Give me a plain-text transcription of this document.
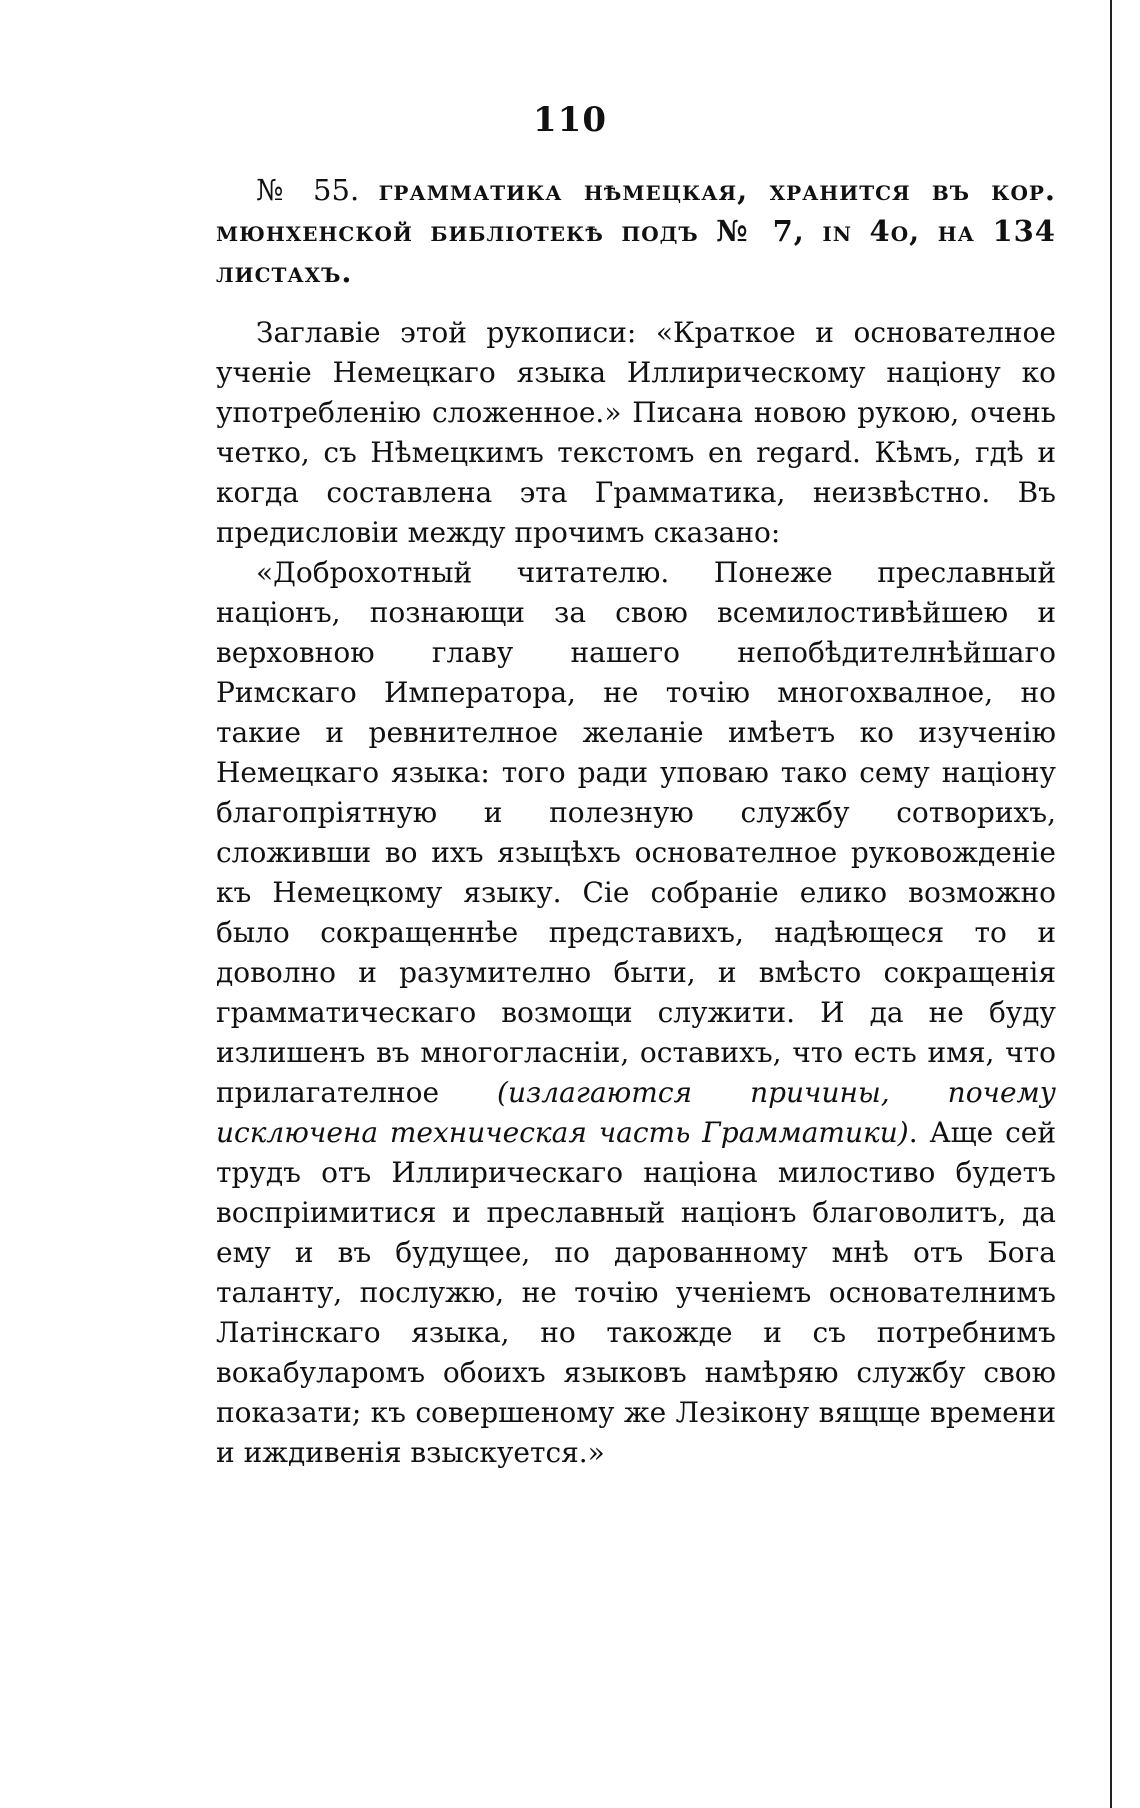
110

№ 55. грамматика нѣмецкая, хранится въ кор. мюнхенской библіотекѣ подъ № 7, in 4о, на 134 листахъ.

Заглавіе этой рукописи: «Краткое и основателное ученіе Немецкаго языка Иллирическому націону ко употребленію сложенное.» Писана новою рукою, очень четко, съ Нѣмецкимъ текстомъ en regard. Кѣмъ, гдѣ и когда составлена эта Грамматика, неизвѣстно. Въ предисловіи между прочимъ сказано:

«Доброхотный читателю. Понеже преславный націонъ, познающи за свою всемилостивѣйшею и верховною главу нашего непобѣдителнѣйшаго Римскаго Императора, не точію многохвалное, но такие и ревнителное желаніе имѣетъ ко изученію Немецкаго языка: того ради уповаю тако сему націону благопріятную и полезную службу сотворихъ, сложивши во ихъ языцѣхъ основателное руковожденіе къ Немецкому языку. Сіе собраніе елико возможно было сокращеннѣе представихъ, надѣющеся то и доволно и разумително быти, и вмѣсто сокращенія грамматическаго возмощи служити. И да не буду излишенъ въ многогласніи, оставихъ, что есть имя, что прилагателное (излагаются причины, почему исключена техническая часть Грамматики). Аще сей трудъ отъ Иллирическаго націона милостиво будетъ воспріимитися и преславный націонъ благоволитъ, да ему и въ будущее, по дарованному мнѣ отъ Бога таланту, послужю, не точію ученіемъ основателнимъ Латінскаго языка, но такожде и съ потребнимъ вокабуларомъ обоихъ языковъ намѣряю службу свою показати; къ совершеному же Лезікону вящще времени и иждивенія взыскуется.»
